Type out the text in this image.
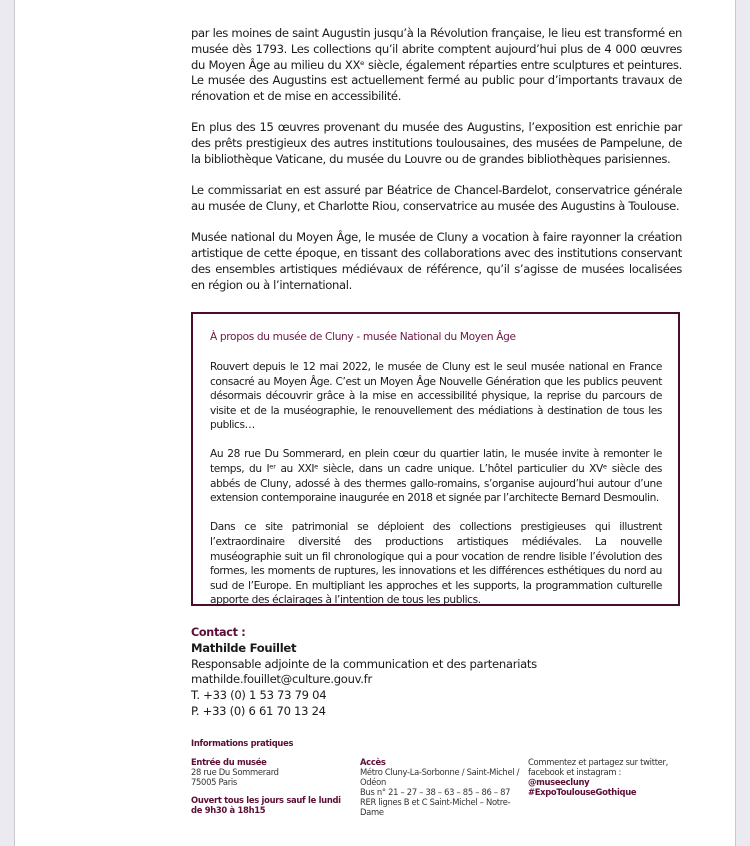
par les moines de saint Augustin jusqu’à la Révolution française, le lieu est transformé en musée dès 1793. Les collections qu’il abrite comptent aujourd’hui plus de 4 000 œuvres du Moyen Âge au milieu du XXᵉ siècle, également réparties entre sculptures et peintures. Le musée des Augustins est actuellement fermé au public pour d’importants travaux de rénovation et de mise en accessibilité.

En plus des 15 œuvres provenant du musée des Augustins, l’exposition est enrichie par des prêts prestigieux des autres institutions toulousaines, des musées de Pampelune, de la bibliothèque Vaticane, du musée du Louvre ou de grandes bibliothèques parisiennes.

Le commissariat en est assuré par Béatrice de Chancel-Bardelot, conservatrice générale au musée de Cluny, et Charlotte Riou, conservatrice au musée des Augustins à Toulouse.

Musée national du Moyen Âge, le musée de Cluny a vocation à faire rayonner la création artistique de cette époque, en tissant des collaborations avec des institutions conservant des ensembles artistiques médiévaux de référence, qu’il s’agisse de musées localisées en région ou à l’international.

À propos du musée de Cluny - musée National du Moyen Âge

Rouvert depuis le 12 mai 2022, le musée de Cluny est le seul musée national en France consacré au Moyen Âge. C’est un Moyen Âge Nouvelle Génération que les publics peuvent désormais découvrir grâce à la mise en accessibilité physique, la reprise du parcours de visite et de la muséographie, le renouvellement des médiations à destination de tous les publics…

Au 28 rue Du Sommerard, en plein cœur du quartier latin, le musée invite à remonter le temps, du Iᵉʳ au XXIᵉ siècle, dans un cadre unique. L’hôtel particulier du XVᵉ siècle des abbés de Cluny, adossé à des thermes gallo-romains, s’organise aujourd’hui autour d’une extension contemporaine inaugurée en 2018 et signée par l’architecte Bernard Desmoulin.

Dans ce site patrimonial se déploient des collections prestigieuses qui illustrent l’extraordinaire diversité des productions artistiques médiévales. La nouvelle muséographie suit un fil chronologique qui a pour vocation de rendre lisible l’évolution des formes, les moments de ruptures, les innovations et les différences esthétiques du nord au sud de l’Europe. En multipliant les approches et les supports, la programmation culturelle apporte des éclairages à l’intention de tous les publics.

Contact :
Mathilde Fouillet
Responsable adjointe de la communication et des partenariats
mathilde.fouillet@culture.gouv.fr
T. +33 (0) 1 53 73 79 04
P. +33 (0) 6 61 70 13 24
Informations pratiques
Entrée du musée
28 rue Du Sommerard
75005 Paris
Ouvert tous les jours sauf le lundi
de 9h30 à 18h15
Accès
Métro Cluny-La-Sorbonne / Saint-Michel / Odéon
Bus n° 21 – 27 – 38 – 63 – 85 – 86 – 87
RER lignes B et C Saint-Michel – Notre-Dame
Commentez et partagez sur twitter, facebook et instagram :
@museecluny
#ExpoToulouseGothique
